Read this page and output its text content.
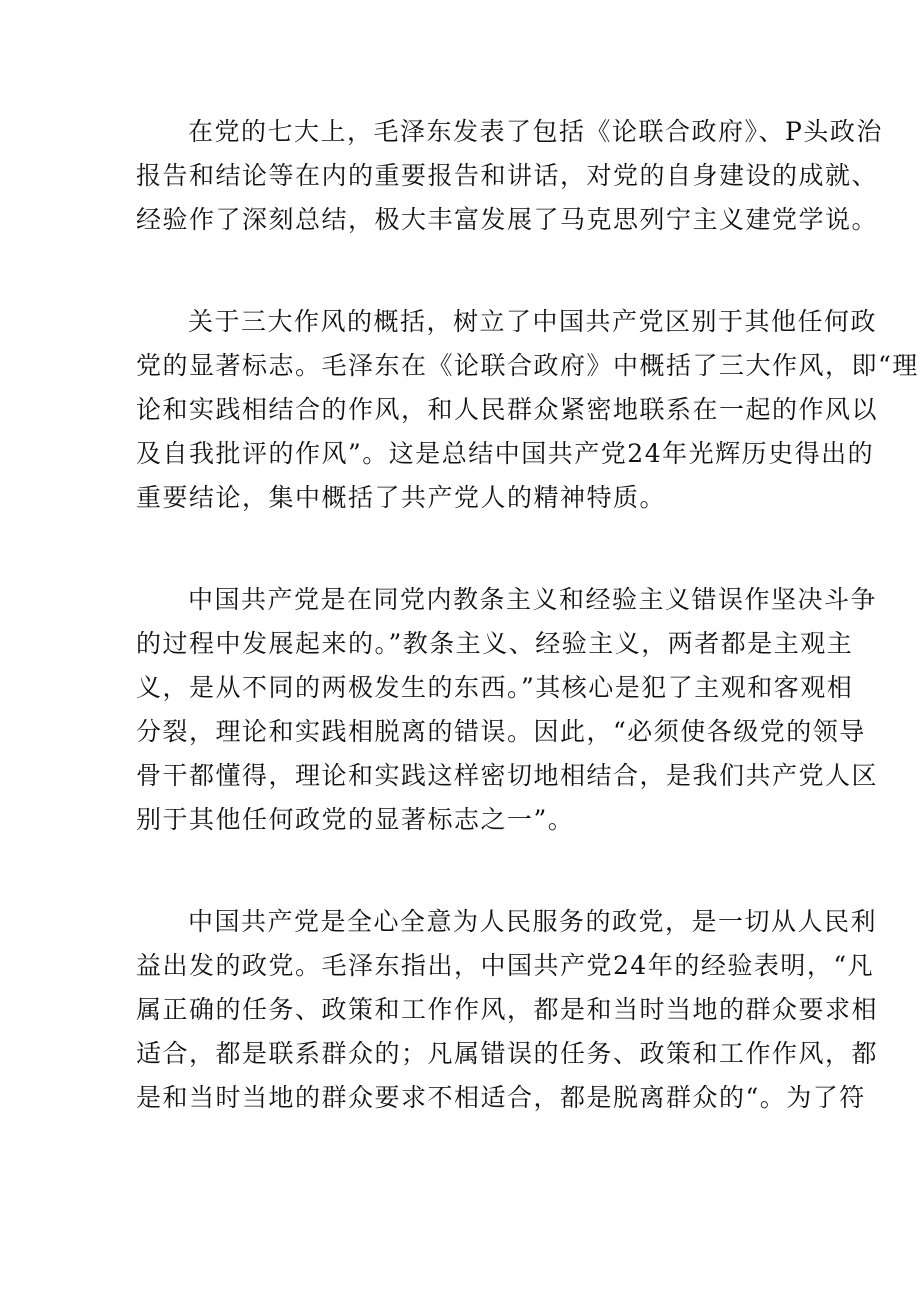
在党的七大上，毛泽东发表了包括《论联合政府》、P头政治
报告和结论等在内的重要报告和讲话，对党的自身建设的成就、
经验作了深刻总结，极大丰富发展了马克思列宁主义建党学说。

关于三大作风的概括，树立了中国共产党区别于其他任何政
党的显著标志。毛泽东在《论联合政府》中概括了三大作风，即“理
论和实践相结合的作风，和人民群众紧密地联系在一起的作风以
及自我批评的作风”。这是总结中国共产党24年光辉历史得出的
重要结论，集中概括了共产党人的精神特质。

中国共产党是在同党内教条主义和经验主义错误作坚决斗争
的过程中发展起来的。”教条主义、经验主义，两者都是主观主
义，是从不同的两极发生的东西。”其核心是犯了主观和客观相
分裂，理论和实践相脱离的错误。因此，“必须使各级党的领导
骨干都懂得，理论和实践这样密切地相结合，是我们共产党人区
别于其他任何政党的显著标志之一”。

中国共产党是全心全意为人民服务的政党，是一切从人民利
益出发的政党。毛泽东指出，中国共产党24年的经验表明，“凡
属正确的任务、政策和工作作风，都是和当时当地的群众要求相
适合，都是联系群众的；凡属错误的任务、政策和工作作风，都
是和当时当地的群众要求不相适合，都是脱离群众的“。为了符
